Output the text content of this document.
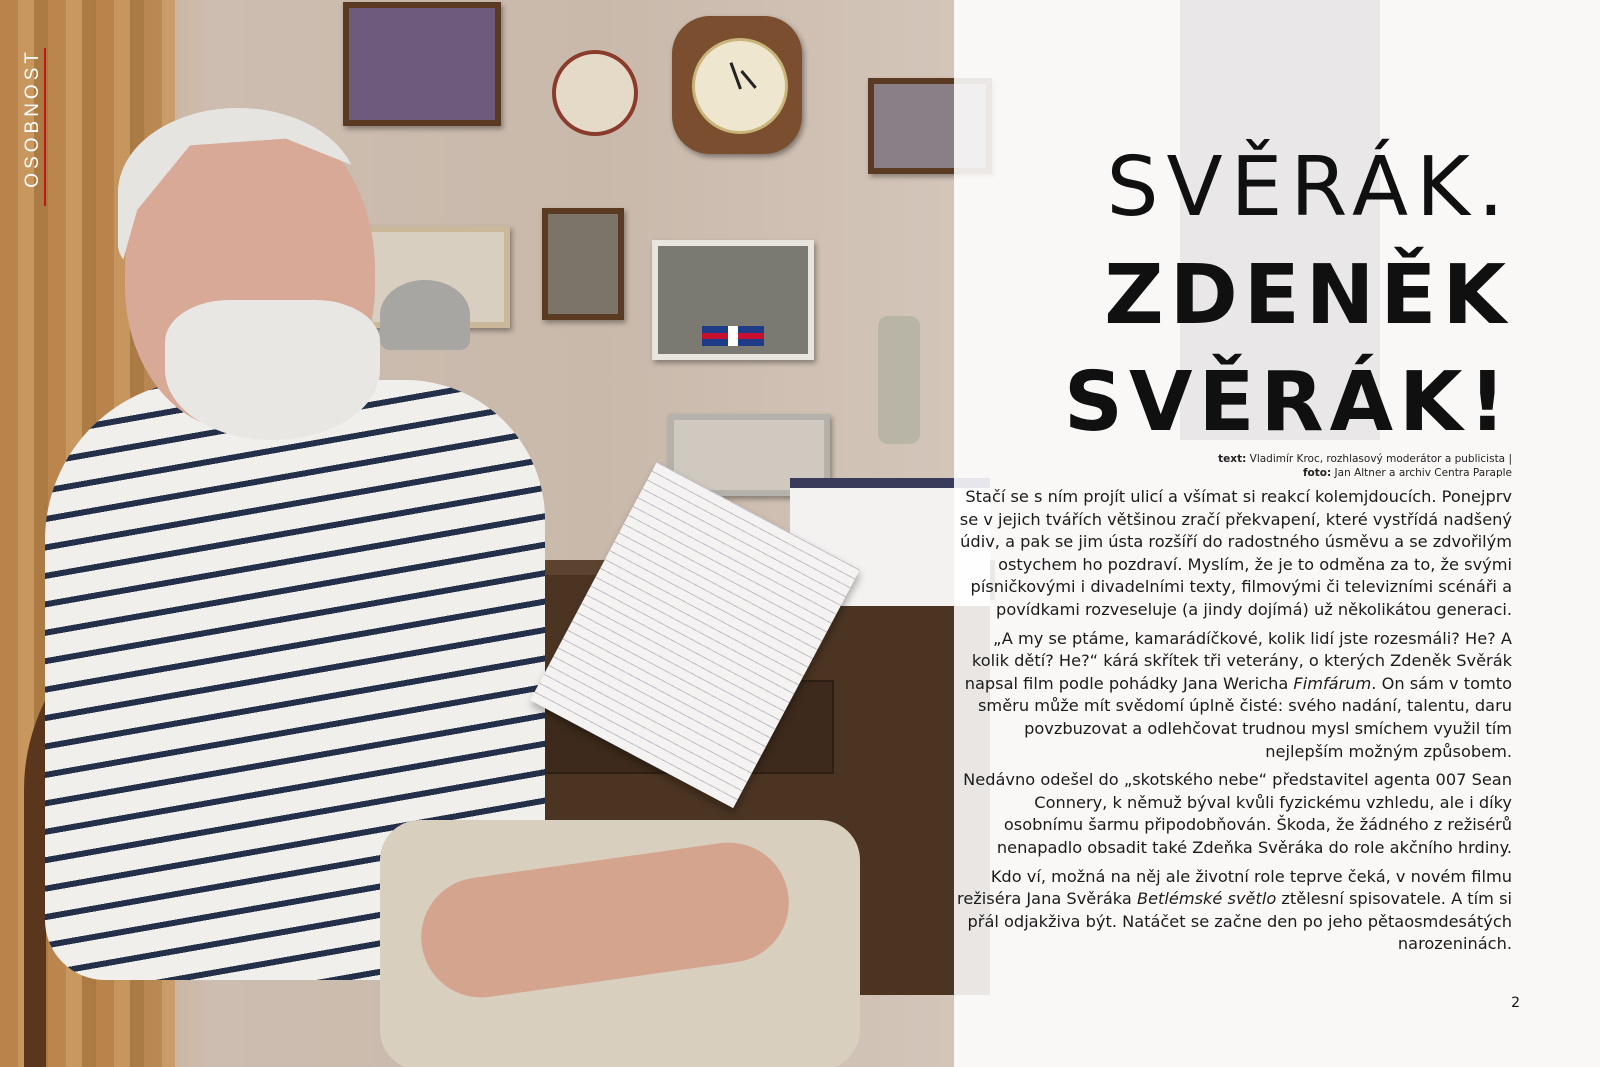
OSOBNOST	SVĚRÁK.
ZDENĚK
SVĚRÁK!
text: Vladimír Kroc, rozhlasový moderátor a publicista |
foto: Jan Altner a archiv Centra Paraple

Stačí se s ním projít ulicí a všímat si reakcí kolemjdoucích. Ponejprv se v jejich tvářích většinou zračí překvapení, které vystřídá nadšený údiv, a pak se jim ústa rozšíří do radostného úsměvu a se zdvořilým ostychem ho pozdraví. Myslím, že je to odměna za to, že svými písničkovými i divadelními texty, filmovými či televizními scénáři a povídkami rozveseluje (a jindy dojímá) už několikátou generaci.

„A my se ptáme, kamarádíčkové, kolik lidí jste rozesmáli? He? A kolik dětí? He?“ kárá skřítek tři veterány, o kterých Zdeněk Svěrák napsal film podle pohádky Jana Wericha Fimfárum. On sám v tomto směru může mít svědomí úplně čisté: svého nadání, talentu, daru povzbuzovat a odlehčovat trudnou mysl smíchem využil tím nejlepším možným způsobem.

Nedávno odešel do „skotského nebe“ představitel agenta 007 Sean Connery, k němuž býval kvůli fyzickému vzhledu, ale i díky osobnímu šarmu připodobňován. Škoda, že žádného z režisérů nenapadlo obsadit také Zdeňka Svěráka do role akčního hrdiny.

Kdo ví, možná na něj ale životní role teprve čeká, v novém filmu režiséra Jana Svěráka Betlémské světlo ztělesní spisovatele. A tím si přál odjakživa být. Natáčet se začne den po jeho pětaosmdesátých narozeninách.

2
